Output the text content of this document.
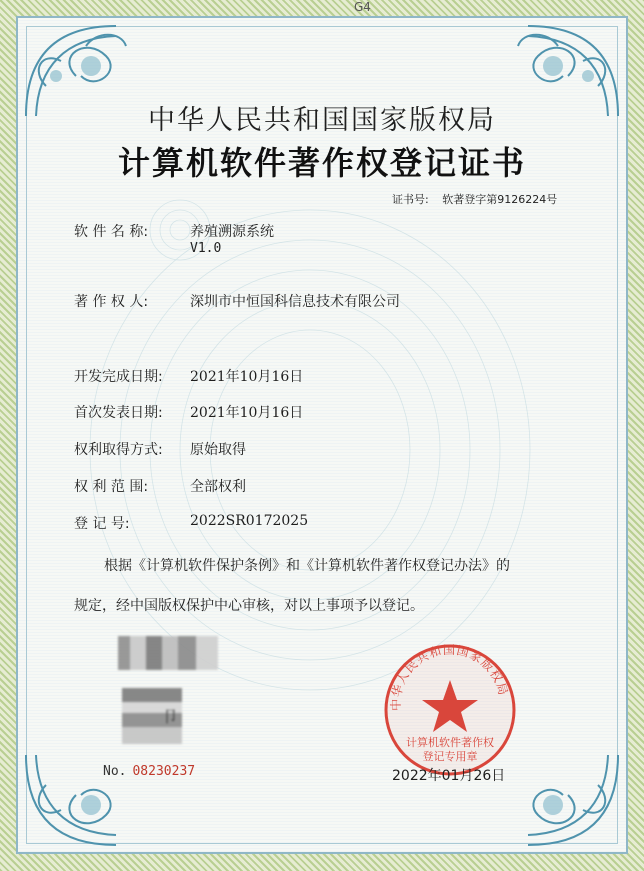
G4
中华人民共和国国家版权局
计算机软件著作权登记证书
证书号: 软著登字第9126224号
软 件 名 称:	养殖溯源系统
V1.0
著 作 权 人:	深圳市中恒国科信息技术有限公司
开发完成日期:	2021年10月16日
首次发表日期:	2021年10月16日
权利取得方式:	原始取得
权 利 范 围:	全部权利
登 记 号:	2022SR0172025
根据《计算机软件保护条例》和《计算机软件著作权登记办法》的
规定，经中国版权保护中心审核，对以上事项予以登记。
卩
No. 08230237
中华人民共和国国家版权局
计算机软件著作权
登记专用章
2022年01月26日
